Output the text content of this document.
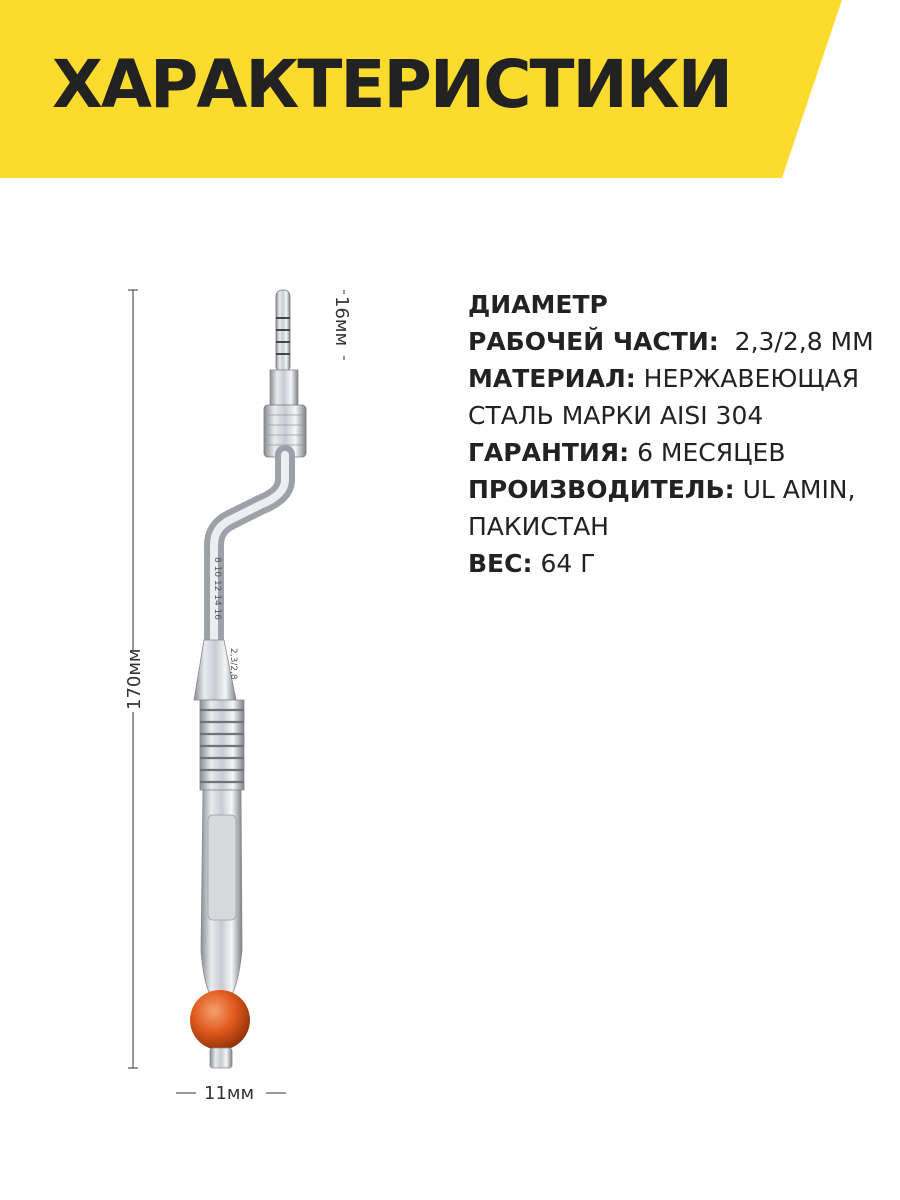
ХАРАКТЕРИСТИКИ
8 10 12 14 16
2,3/2,8
170мм
16мм
11мм
ДИАМЕТР
РАБОЧЕЙ ЧАСТИ: 2,3/2,8 ММ
МАТЕРИАЛ: НЕРЖАВЕЮЩАЯ
СТАЛЬ МАРКИ AISI 304
ГАРАНТИЯ: 6 МЕСЯЦЕВ
ПРОИЗВОДИТЕЛЬ: UL AMIN,
ПАКИСТАН
ВЕС: 64 Г
